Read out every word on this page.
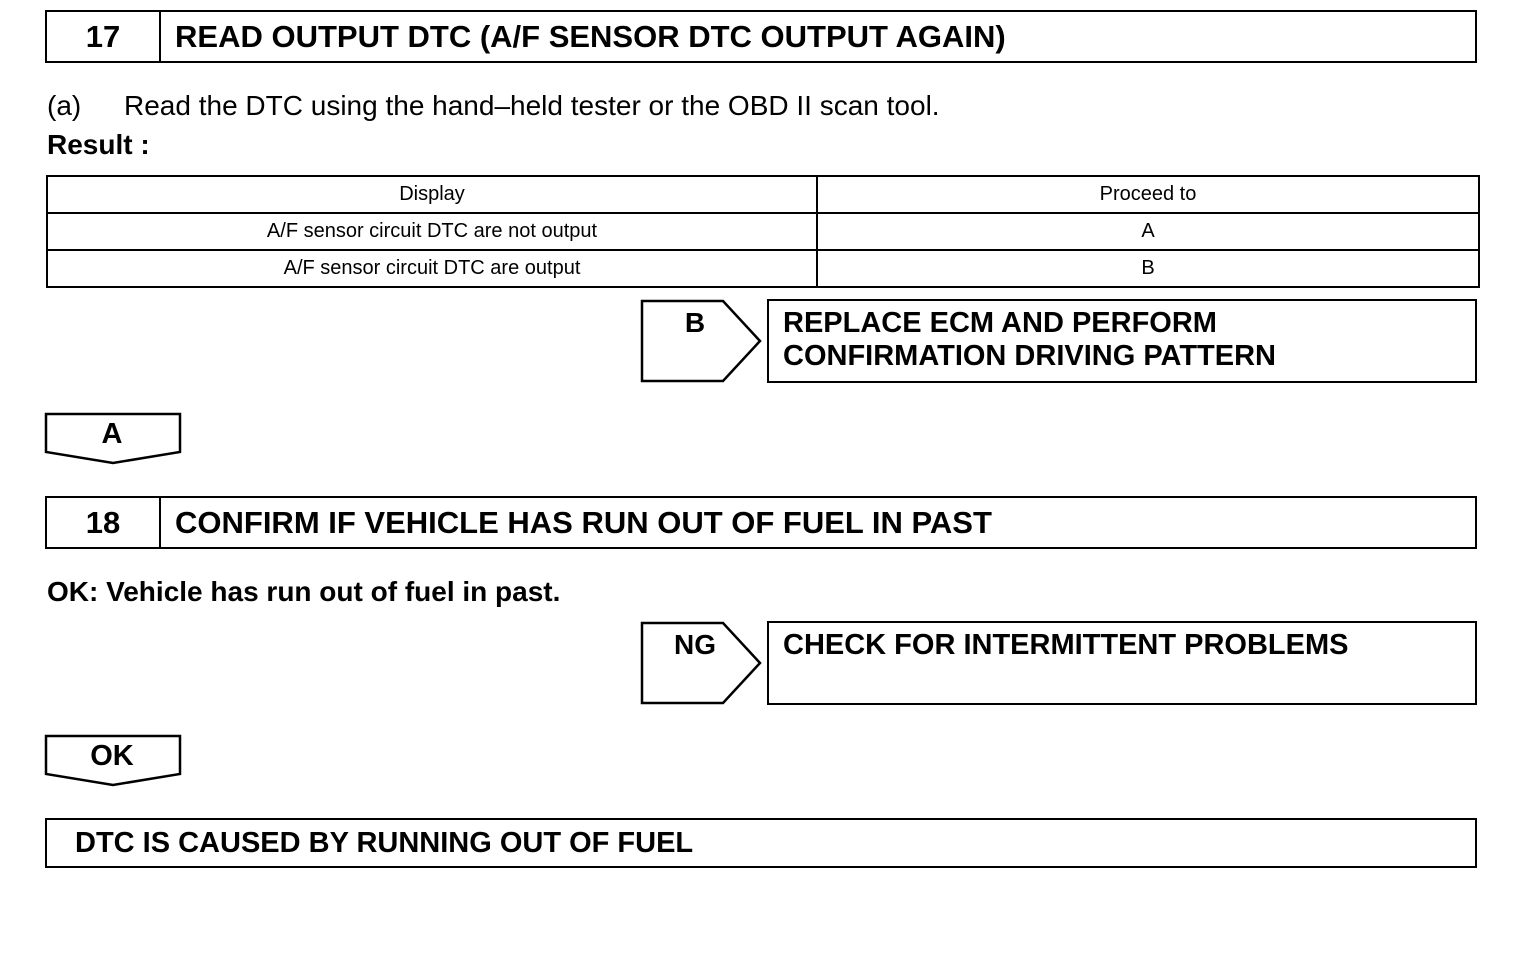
17	READ OUTPUT DTC (A/F SENSOR DTC OUTPUT AGAIN)
(a) Read the DTC using the hand–held tester or the OBD II scan tool.
Result :
Display	Proceed to
A/F sensor circuit DTC are not output	A
A/F sensor circuit DTC are output	B
B	REPLACE ECM AND PERFORM
CONFIRMATION DRIVING PATTERN
A
18	CONFIRM IF VEHICLE HAS RUN OUT OF FUEL IN PAST
OK: Vehicle has run out of fuel in past.
NG	CHECK FOR INTERMITTENT PROBLEMS
OK
DTC IS CAUSED BY RUNNING OUT OF FUEL
